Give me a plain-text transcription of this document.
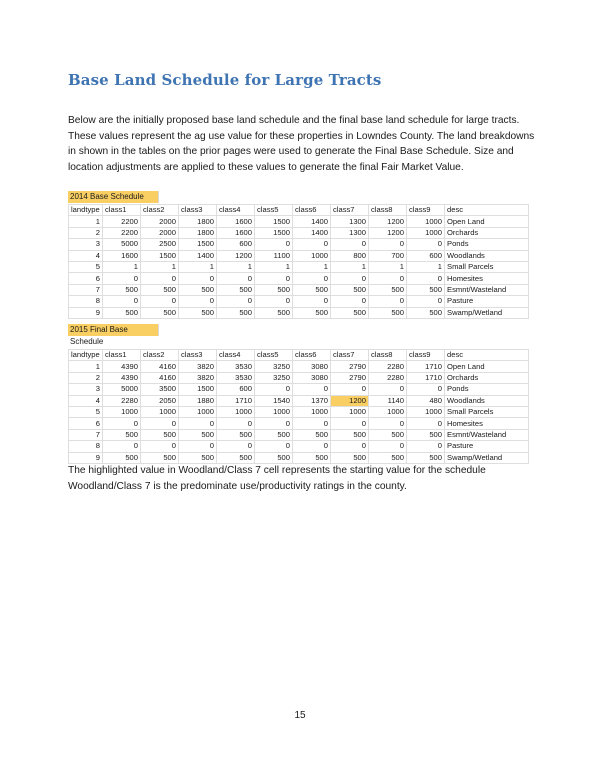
Base Land Schedule for Large Tracts

Below are the initially proposed base land schedule and the final base land schedule for large tracts.

These values represent the ag use value for these properties in Lowndes County. The land breakdowns

in shown in the tables on the prior pages were used to generate the Final Base Schedule. Size and

location adjustments are applied to these values to generate the final Fair Market Value.

2014 Base Schedule
landtype	class1	class2	class3	class4	class5	class6	class7	class8	class9	desc
1	2200	2000	1800	1600	1500	1400	1300	1200	1000	Open Land
2	2200	2000	1800	1600	1500	1400	1300	1200	1000	Orchards
3	5000	2500	1500	600	0	0	0	0	0	Ponds
4	1600	1500	1400	1200	1100	1000	800	700	600	Woodlands
5	1	1	1	1	1	1	1	1	1	Small Parcels
6	0	0	0	0	0	0	0	0	0	Homesites
7	500	500	500	500	500	500	500	500	500	Esmnt/Wasteland
8	0	0	0	0	0	0	0	0	0	Pasture
9	500	500	500	500	500	500	500	500	500	Swamp/Wetland
2015 Final Base Schedule
landtype	class1	class2	class3	class4	class5	class6	class7	class8	class9	desc
1	4390	4160	3820	3530	3250	3080	2790	2280	1710	Open Land
2	4390	4160	3820	3530	3250	3080	2790	2280	1710	Orchards
3	5000	3500	1500	600	0	0	0	0	0	Ponds
4	2280	2050	1880	1710	1540	1370	1200	1140	480	Woodlands
5	1000	1000	1000	1000	1000	1000	1000	1000	1000	Small Parcels
6	0	0	0	0	0	0	0	0	0	Homesites
7	500	500	500	500	500	500	500	500	500	Esmnt/Wasteland
8	0	0	0	0	0	0	0	0	0	Pasture
9	500	500	500	500	500	500	500	500	500	Swamp/Wetland

The highlighted value in Woodland/Class 7 cell represents the starting value for the schedule

Woodland/Class 7 is the predominate use/productivity ratings in the county.

15
